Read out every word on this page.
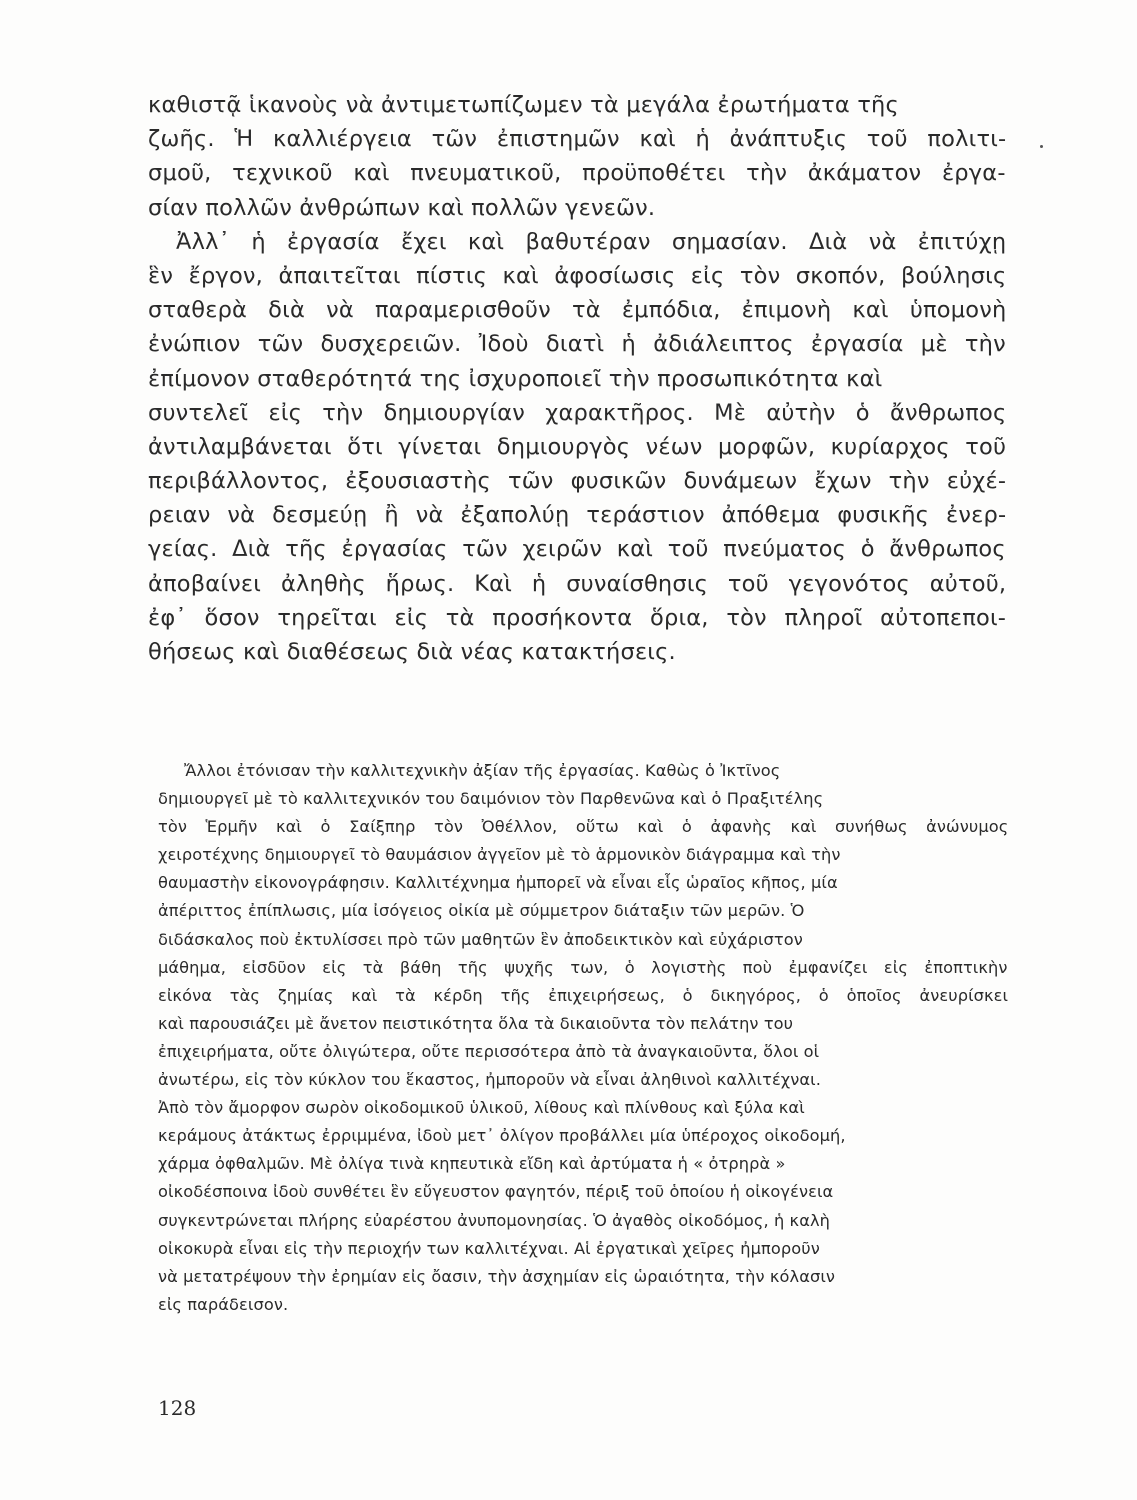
καθιστᾷ ἱκανοὺς νὰ ἀντιμετωπίζωμεν τὰ μεγάλα ἐρωτήματα τῆς
ζωῆς. Ἡ καλλιέργεια τῶν ἐπιστημῶν καὶ ἡ ἀνάπτυξις τοῦ πολιτι-
σμοῦ, τεχνικοῦ καὶ πνευματικοῦ, προϋποθέτει τὴν ἀκάματον ἐργα-
σίαν πολλῶν ἀνθρώπων καὶ πολλῶν γενεῶν.
Ἀλλ᾿ ἡ ἐργασία ἔχει καὶ βαθυτέραν σημασίαν. Διὰ νὰ ἐπιτύχῃ
ἓν ἔργον, ἀπαιτεῖται πίστις καὶ ἀφοσίωσις εἰς τὸν σκοπόν, βούλησις
σταθερὰ διὰ νὰ παραμερισθοῦν τὰ ἐμπόδια, ἐπιμονὴ καὶ ὑπομονὴ
ἐνώπιον τῶν δυσχερειῶν. Ἰδοὺ διατὶ ἡ ἀδιάλειπτος ἐργασία μὲ τὴν
ἐπίμονον σταθερότητά της ἰσχυροποιεῖ τὴν προσωπικότητα καὶ
συντελεῖ εἰς τὴν δημιουργίαν χαρακτῆρος. Μὲ αὐτὴν ὁ ἄνθρωπος
ἀντιλαμβάνεται ὅτι γίνεται δημιουργὸς νέων μορφῶν, κυρίαρχος τοῦ
περιβάλλοντος, ἐξουσιαστὴς τῶν φυσικῶν δυνάμεων ἔχων τὴν εὐχέ-
ρειαν νὰ δεσμεύῃ ἢ νὰ ἐξαπολύῃ τεράστιον ἀπόθεμα φυσικῆς ἐνερ-
γείας. Διὰ τῆς ἐργασίας τῶν χειρῶν καὶ τοῦ πνεύματος ὁ ἄνθρωπος
ἀποβαίνει ἀληθὴς ἥρως. Καὶ ἡ συναίσθησις τοῦ γεγονότος αὐτοῦ,
ἐφ᾿ ὅσον τηρεῖται εἰς τὰ προσήκοντα ὅρια, τὸν πληροῖ αὐτοπεποι-
θήσεως καὶ διαθέσεως διὰ νέας κατακτήσεις.
Ἄλλοι ἐτόνισαν τὴν καλλιτεχνικὴν ἀξίαν τῆς ἐργασίας. Καθὼς ὁ Ἰκτῖνος
δημιουργεῖ μὲ τὸ καλλιτεχνικόν του δαιμόνιον τὸν Παρθενῶνα καὶ ὁ Πραξιτέλης
τὸν Ἑρμῆν καὶ ὁ Σαίξπηρ τὸν Ὀθέλλον, οὕτω καὶ ὁ ἀφανὴς καὶ συνήθως ἀνώνυμος
χειροτέχνης δημιουργεῖ τὸ θαυμάσιον ἀγγεῖον μὲ τὸ ἁρμονικὸν διάγραμμα καὶ τὴν
θαυμαστὴν εἰκονογράφησιν. Καλλιτέχνημα ἠμπορεῖ νὰ εἶναι εἷς ὡραῖος κῆπος, μία
ἀπέριττος ἐπίπλωσις, μία ἰσόγειος οἰκία μὲ σύμμετρον διάταξιν τῶν μερῶν. Ὁ
διδάσκαλος ποὺ ἐκτυλίσσει πρὸ τῶν μαθητῶν ἓν ἀποδεικτικὸν καὶ εὐχάριστον
μάθημα, εἰσδῦον εἰς τὰ βάθη τῆς ψυχῆς των, ὁ λογιστὴς ποὺ ἐμφανίζει εἰς ἐποπτικὴν
εἰκόνα τὰς ζημίας καὶ τὰ κέρδη τῆς ἐπιχειρήσεως, ὁ δικηγόρος, ὁ ὁποῖος ἀνευρίσκει
καὶ παρουσιάζει μὲ ἄνετον πειστικότητα ὅλα τὰ δικαιοῦντα τὸν πελάτην του
ἐπιχειρήματα, οὔτε ὀλιγώτερα, οὔτε περισσότερα ἀπὸ τὰ ἀναγκαιοῦντα, ὅλοι οἱ
ἀνωτέρω, εἰς τὸν κύκλον του ἕκαστος, ἠμποροῦν νὰ εἶναι ἀληθινοὶ καλλιτέχναι.
Ἀπὸ τὸν ἄμορφον σωρὸν οἰκοδομικοῦ ὑλικοῦ, λίθους καὶ πλίνθους καὶ ξύλα καὶ
κεράμους ἀτάκτως ἐρριμμένα, ἰδοὺ μετ᾿ ὀλίγον προβάλλει μία ὑπέροχος οἰκοδομή,
χάρμα ὀφθαλμῶν. Μὲ ὀλίγα τινὰ κηπευτικὰ εἴδη καὶ ἀρτύματα ἡ « ὀτρηρὰ »
οἰκοδέσποινα ἰδοὺ συνθέτει ἓν εὔγευστον φαγητόν, πέριξ τοῦ ὁποίου ἡ οἰκογένεια
συγκεντρώνεται πλήρης εὐαρέστου ἀνυπομονησίας. Ὁ ἀγαθὸς οἰκοδόμος, ἡ καλὴ
οἰκοκυρὰ εἶναι εἰς τὴν περιοχήν των καλλιτέχναι. Αἱ ἐργατικαὶ χεῖρες ἠμποροῦν
νὰ μετατρέψουν τὴν ἐρημίαν εἰς ὄασιν, τὴν ἀσχημίαν εἰς ὡραιότητα, τὴν κόλασιν
εἰς παράδεισον.
128
